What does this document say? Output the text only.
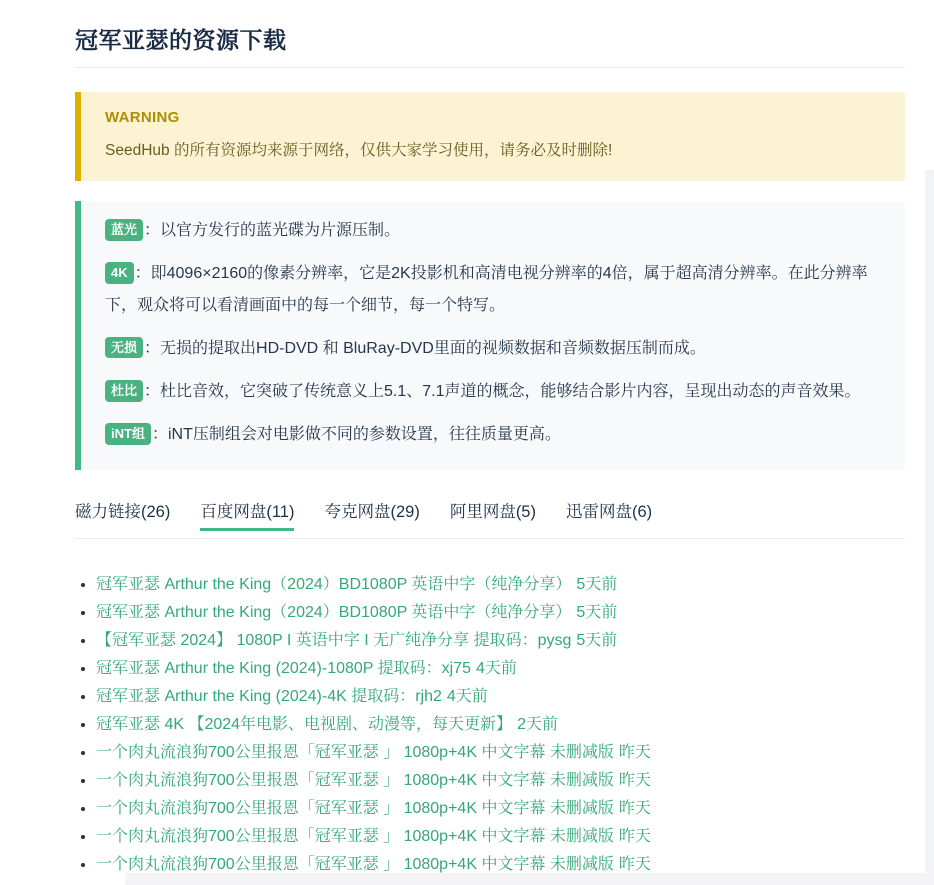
冠军亚瑟的资源下载

WARNING

SeedHub 的所有资源均来源于网络，仅供大家学习使用，请务必及时删除!

蓝光 ：以官方发行的蓝光碟为片源压制。

4K ：即4096×2160的像素分辨率，它是2K投影机和高清电视分辨率的4倍，属于超高清分辨率。在此分辨率下，观众将可以看清画面中的每一个细节，每一个特写。

无损 ：无损的提取出HD-DVD 和 BluRay-DVD里面的视频数据和音频数据压制而成。

杜比 ：杜比音效，它突破了传统意义上5.1、7.1声道的概念，能够结合影片内容，呈现出动态的声音效果。

iNT组 ：iNT压制组会对电影做不同的参数设置，往往质量更高。

磁力链接(26) 百度网盘(11) 夸克网盘(29) 阿里网盘(5) 迅雷网盘(6)
• 冠军亚瑟 Arthur the King（2024）BD1080P 英语中字（纯净分享） 5天前
• 冠军亚瑟 Arthur the King（2024）BD1080P 英语中字（纯净分享） 5天前
• 【冠军亚瑟 2024】 1080P I 英语中字 I 无广纯净分享 提取码：pysg 5天前
• 冠军亚瑟 Arthur the King (2024)-1080P 提取码：xj75 4天前
• 冠军亚瑟 Arthur the King (2024)-4K 提取码：rjh2 4天前
• 冠军亚瑟 4K 【2024年电影、电视剧、动漫等，每天更新】 2天前
• 一个肉丸流浪狗700公里报恩「冠军亚瑟 」 1080p+4K 中文字幕 未删减版 昨天
• 一个肉丸流浪狗700公里报恩「冠军亚瑟 」 1080p+4K 中文字幕 未删减版 昨天
• 一个肉丸流浪狗700公里报恩「冠军亚瑟 」 1080p+4K 中文字幕 未删减版 昨天
• 一个肉丸流浪狗700公里报恩「冠军亚瑟 」 1080p+4K 中文字幕 未删减版 昨天
• 一个肉丸流浪狗700公里报恩「冠军亚瑟 」 1080p+4K 中文字幕 未删减版 昨天
